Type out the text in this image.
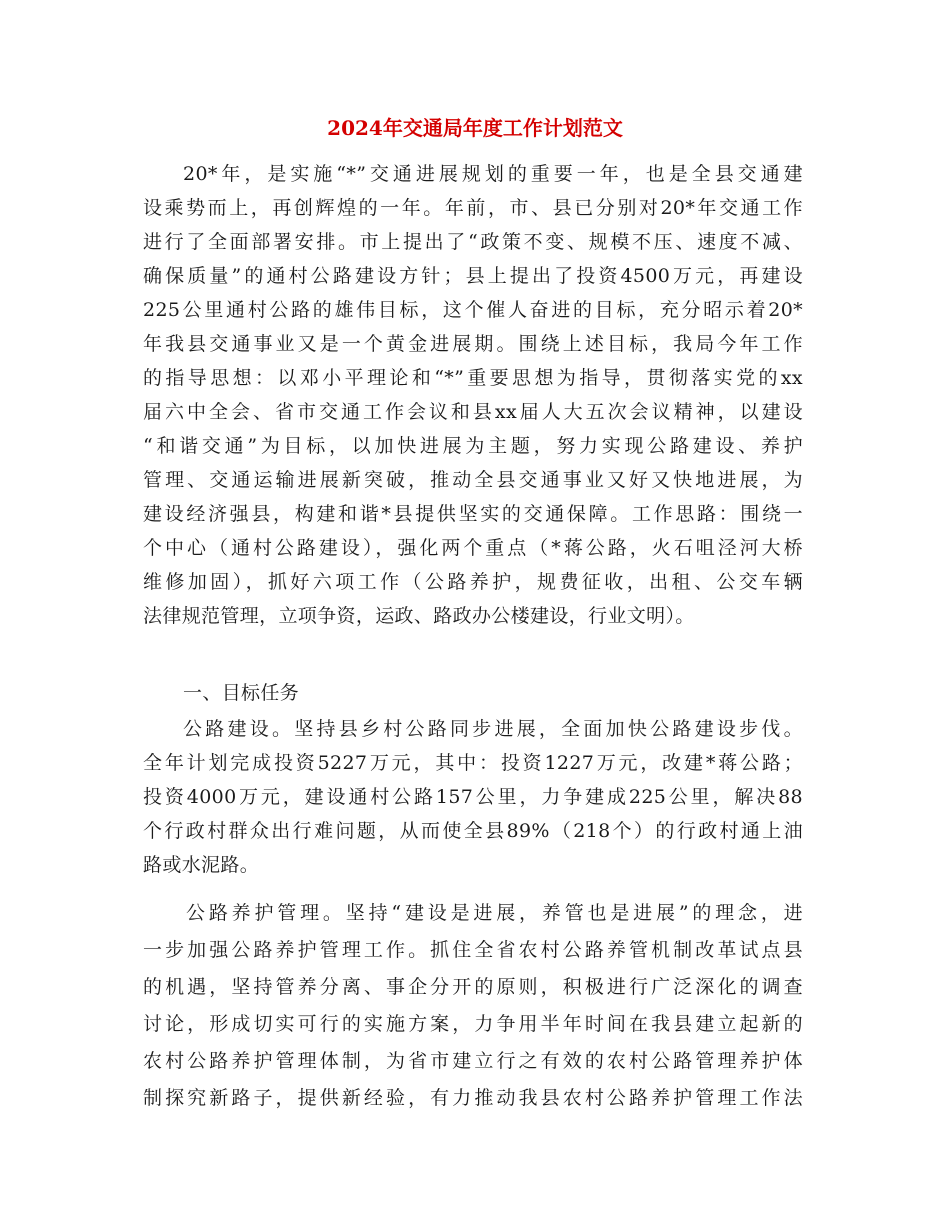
2024年交通局年度工作计划范文
20*年，是实施“*”交通进展规划的重要一年，也是全县交通建
设乘势而上，再创辉煌的一年。年前，市、县已分别对20*年交通工作
进行了全面部署安排。市上提出了“政策不变、规模不压、速度不减、
确保质量”的通村公路建设方针；县上提出了投资4500万元，再建设
225公里通村公路的雄伟目标，这个催人奋进的目标，充分昭示着20*
年我县交通事业又是一个黄金进展期。围绕上述目标，我局今年工作
的指导思想：以邓小平理论和“*”重要思想为指导，贯彻落实党的xx
届六中全会、省市交通工作会议和县xx届人大五次会议精神，以建设
“和谐交通”为目标，以加快进展为主题，努力实现公路建设、养护
管理、交通运输进展新突破，推动全县交通事业又好又快地进展，为
建设经济强县，构建和谐*县提供坚实的交通保障。工作思路：围绕一
个中心（通村公路建设），强化两个重点（*蒋公路，火石咀泾河大桥
维修加固），抓好六项工作（公路养护，规费征收，出租、公交车辆
法律规范管理，立项争资，运政、路政办公楼建设，行业文明）。
一、目标任务
公路建设。坚持县乡村公路同步进展，全面加快公路建设步伐。
全年计划完成投资5227万元，其中：投资1227万元，改建*蒋公路；
投资4000万元，建设通村公路157公里，力争建成225公里，解决88
个行政村群众出行难问题，从而使全县89%（218个）的行政村通上油
路或水泥路。
公路养护管理。坚持“建设是进展，养管也是进展”的理念，进
一步加强公路养护管理工作。抓住全省农村公路养管机制改革试点县
的机遇，坚持管养分离、事企分开的原则，积极进行广泛深化的调查
讨论，形成切实可行的实施方案，力争用半年时间在我县建立起新的
农村公路养护管理体制，为省市建立行之有效的农村公路管理养护体
制探究新路子，提供新经验，有力推动我县农村公路养护管理工作法
